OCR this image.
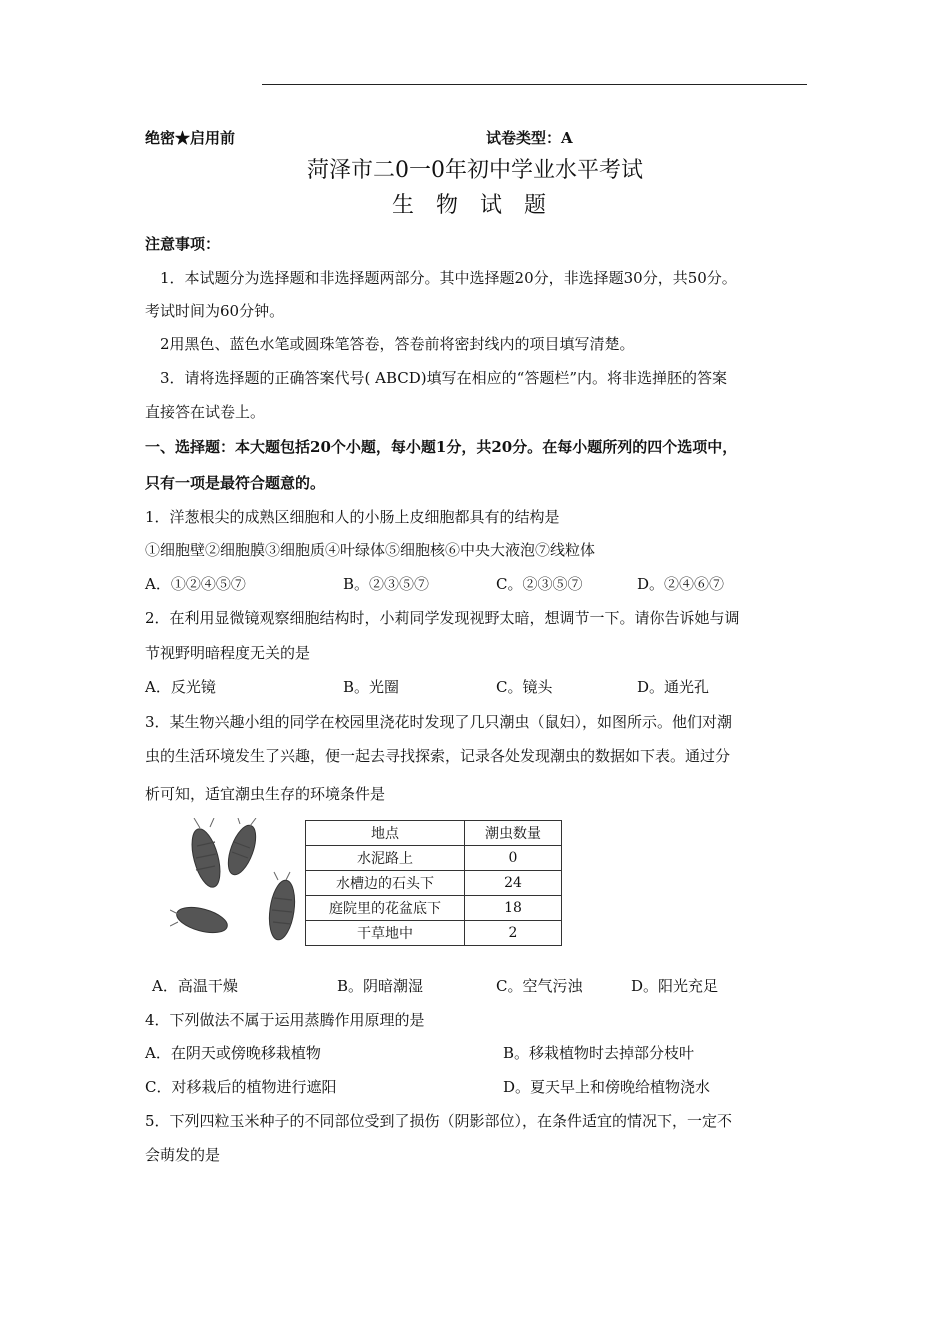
绝密★启用前	试卷类型：A
菏泽市二0一0年初中学业水平考试
生物试题
注意事项：
1．本试题分为选择题和非选择题两部分。其中选择题20分，非选择题30分，共50分。
考试时间为60分钟。
2用黑色、蓝色水笔或圆珠笔答卷，答卷前将密封线内的项目填写清楚。
3．请将选择题的正确答案代号( ABCD)填写在相应的“答题栏”内。将非选掸胚的答案
直接答在试卷上。
一、选择题：本大题包括20个小题，每小题1分，共20分。在每小题所列的四个选项中，
只有一项是最符合题意的。
1．洋葱根尖的成熟区细胞和人的小肠上皮细胞都具有的结构是
①细胞壁②细胞膜③细胞质④叶绿体⑤细胞核⑥中央大液泡⑦线粒体
A．①②④⑤⑦	B。②③⑤⑦	C。②③⑤⑦	D。②④⑥⑦
2．在利用显微镜观察细胞结构时，小莉同学发现视野太暗，想调节一下。请你告诉她与调
节视野明暗程度无关的是
A．反光镜	B。光圈	C。镜头	D。通光孔
3．某生物兴趣小组的同学在校园里浇花时发现了几只潮虫（鼠妇），如图所示。他们对潮
虫的生活环境发生了兴趣，便一起去寻找探索，记录各处发现潮虫的数据如下表。通过分
析可知，适宜潮虫生存的环境条件是
地点	潮虫数量
水泥路上	0
水槽边的石头下	24
庭院里的花盆底下	18
干草地中	2
A．高温干燥	B。阴暗潮湿	C。空气污浊	D。阳光充足
4．下列做法不属于运用蒸腾作用原理的是
A．在阴天或傍晚移栽植物	B。移栽植物时去掉部分枝叶
C．对移栽后的植物进行遮阳	D。夏天早上和傍晚给植物浇水
5．下列四粒玉米种子的不同部位受到了损伤（阴影部位），在条件适宜的情况下，一定不
会萌发的是
